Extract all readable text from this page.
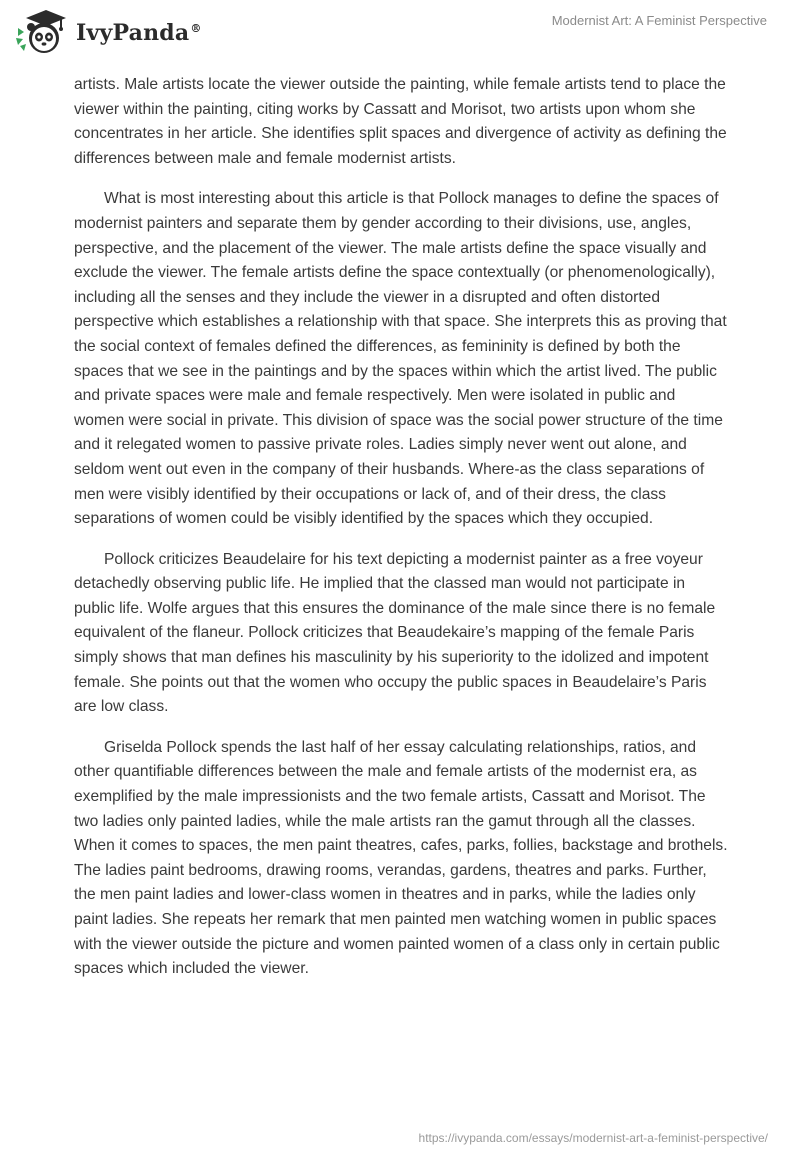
IvyPanda®
Modernist Art: A Feminist Perspective

artists. Male artists locate the viewer outside the painting, while female artists tend to place the viewer within the painting, citing works by Cassatt and Morisot, two artists upon whom she concentrates in her article. She identifies split spaces and divergence of activity as defining the differences between male and female modernist artists.

What is most interesting about this article is that Pollock manages to define the spaces of modernist painters and separate them by gender according to their divisions, use, angles, perspective, and the placement of the viewer. The male artists define the space visually and exclude the viewer. The female artists define the space contextually (or phenomenologically), including all the senses and they include the viewer in a disrupted and often distorted perspective which establishes a relationship with that space. She interprets this as proving that the social context of females defined the differences, as femininity is defined by both the spaces that we see in the paintings and by the spaces within which the artist lived. The public and private spaces were male and female respectively. Men were isolated in public and women were social in private. This division of space was the social power structure of the time and it relegated women to passive private roles. Ladies simply never went out alone, and seldom went out even in the company of their husbands. Where-as the class separations of men were visibly identified by their occupations or lack of, and of their dress, the class separations of women could be visibly identified by the spaces which they occupied.

Pollock criticizes Beaudelaire for his text depicting a modernist painter as a free voyeur detachedly observing public life. He implied that the classed man would not participate in public life. Wolfe argues that this ensures the dominance of the male since there is no female equivalent of the flaneur. Pollock criticizes that Beaudekaire’s mapping of the female Paris simply shows that man defines his masculinity by his superiority to the idolized and impotent female. She points out that the women who occupy the public spaces in Beaudelaire’s Paris are low class.

Griselda Pollock spends the last half of her essay calculating relationships, ratios, and other quantifiable differences between the male and female artists of the modernist era, as exemplified by the male impressionists and the two female artists, Cassatt and Morisot. The two ladies only painted ladies, while the male artists ran the gamut through all the classes. When it comes to spaces, the men paint theatres, cafes, parks, follies, backstage and brothels. The ladies paint bedrooms, drawing rooms, verandas, gardens, theatres and parks. Further, the men paint ladies and lower-class women in theatres and in parks, while the ladies only paint ladies. She repeats her remark that men painted men watching women in public spaces with the viewer outside the picture and women painted women of a class only in certain public spaces which included the viewer.

https://ivypanda.com/essays/modernist-art-a-feminist-perspective/
